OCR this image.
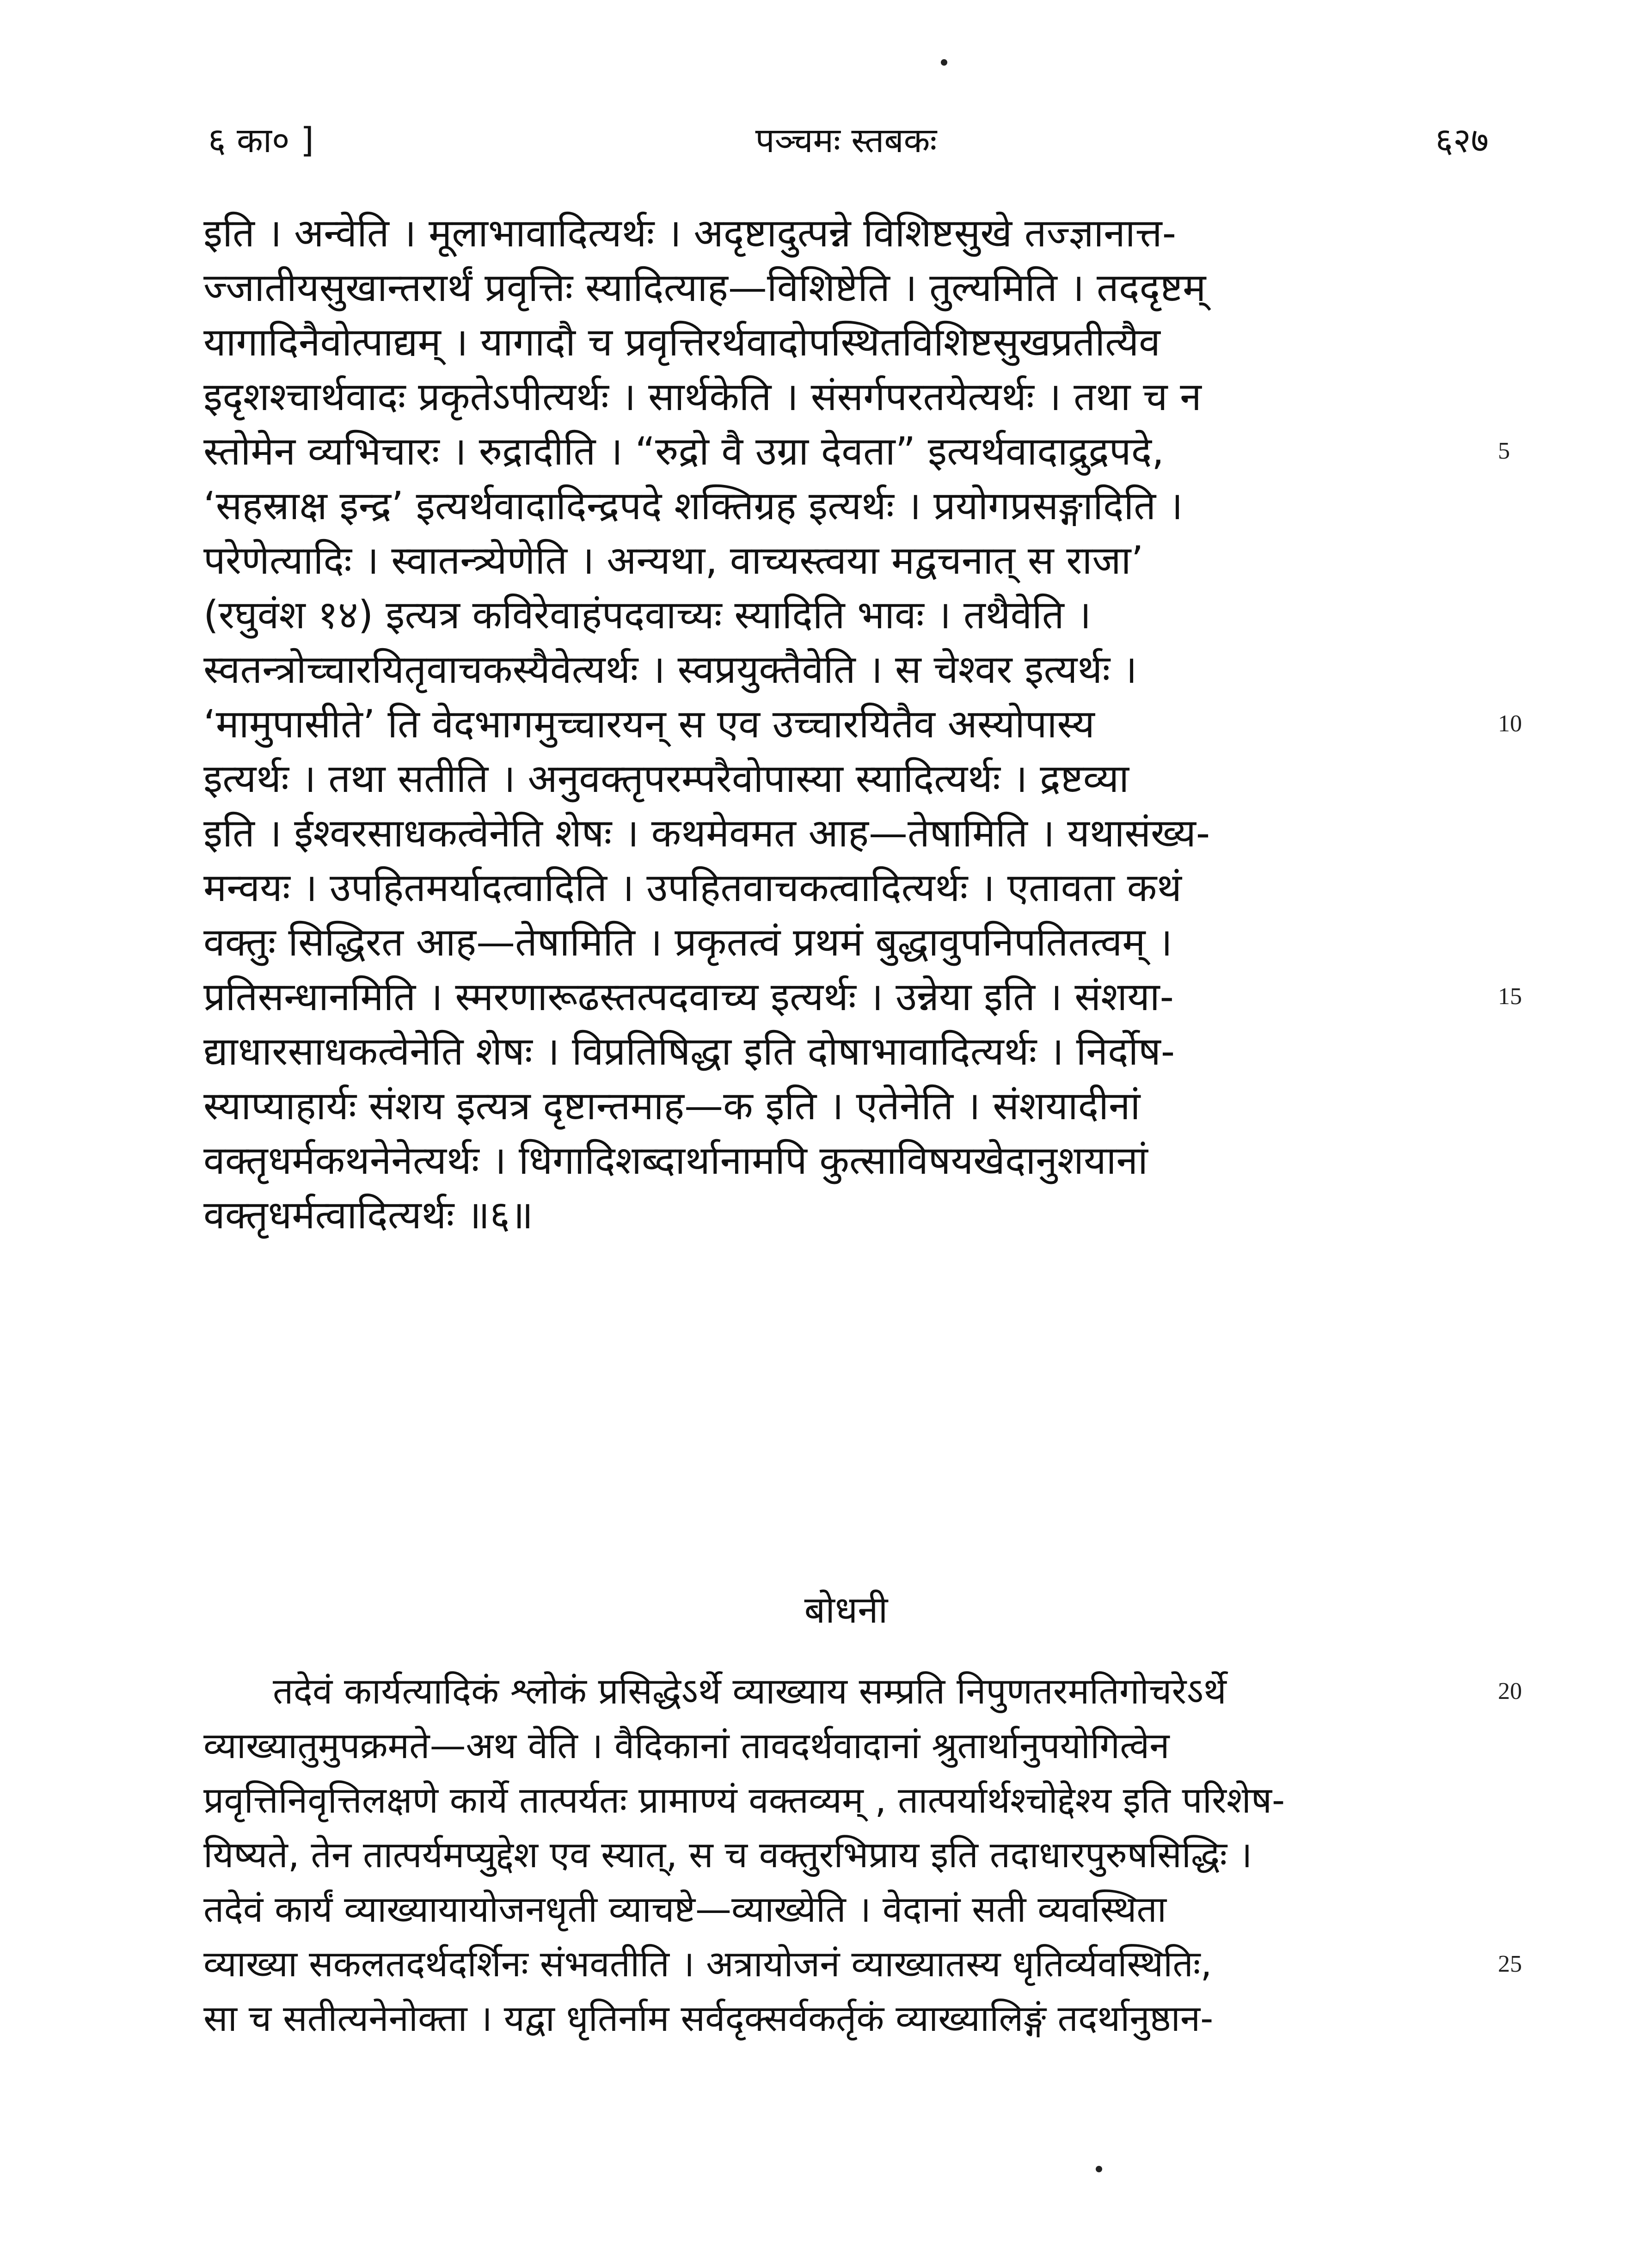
६ का० ]	पञ्चमः स्तबकः	६२७
इति । अन्वेति । मूलाभावादित्यर्थः । अदृष्टादुत्पन्ने विशिष्टसुखे तज्ज्ञानात्त-
ज्जातीयसुखान्तरार्थं प्रवृत्तिः स्यादित्याह—विशिष्टेति । तुल्यमिति । तददृष्टम्
यागादिनैवोत्पाद्यम् । यागादौ च प्रवृत्तिरर्थवादोपस्थितविशिष्टसुखप्रतीत्यैव
इदृशश्चार्थवादः प्रकृतेऽपीत्यर्थः । सार्थकेति । संसर्गपरतयेत्यर्थः । तथा च न
स्तोमेन व्यभिचारः । रुद्रादीति । “रुद्रो वै उग्रा देवता” इत्यर्थवादाद्रुद्रपदे,	5
‘सहस्राक्ष इन्द्र’ इत्यर्थवादादिन्द्रपदे शक्तिग्रह इत्यर्थः । प्रयोगप्रसङ्गादिति ।
परेणेत्यादिः । स्वातन्त्र्येणेति । अन्यथा, वाच्यस्त्वया मद्वचनात् स राजा’
(रघुवंश १४) इत्यत्र कविरेवाहंपदवाच्यः स्यादिति भावः । तथैवेति ।
स्वतन्त्रोच्चारयितृवाचकस्यैवेत्यर्थः । स्वप्रयुक्तैवेति । स चेश्वर इत्यर्थः ।
‘मामुपासीते’ ति वेदभागमुच्चारयन् स एव उच्चारयितैव अस्योपास्य	10
इत्यर्थः । तथा सतीति । अनुवक्तृपरम्परैवोपास्या स्यादित्यर्थः । द्रष्टव्या
इति । ईश्वरसाधकत्वेनेति शेषः । कथमेवमत आह—तेषामिति । यथासंख्य-
मन्वयः । उपहितमर्यादत्वादिति । उपहितवाचकत्वादित्यर्थः । एतावता कथं
वक्तुः सिद्धिरत आह—तेषामिति । प्रकृतत्वं प्रथमं बुद्धावुपनिपतितत्वम् ।
प्रतिसन्धानमिति । स्मरणारूढस्तत्पदवाच्य इत्यर्थः । उन्नेया इति । संशया-	15
द्याधारसाधकत्वेनेति शेषः । विप्रतिषिद्धा इति दोषाभावादित्यर्थः । निर्दोष-
स्याप्याहार्यः संशय इत्यत्र दृष्टान्तमाह—क इति । एतेनेति । संशयादीनां
वक्तृधर्मकथनेनेत्यर्थः । धिगादिशब्दार्थानामपि कुत्साविषयखेदानुशयानां
वक्तृधर्मत्वादित्यर्थः ॥६॥
बोधनी
तदेवं कार्यत्यादिकं श्लोकं प्रसिद्धेऽर्थे व्याख्याय सम्प्रति निपुणतरमतिगोचरेऽर्थे	20
व्याख्यातुमुपक्रमते—अथ वेति । वैदिकानां तावदर्थवादानां श्रुतार्थानुपयोगित्वेन
प्रवृत्तिनिवृत्तिलक्षणे कार्ये तात्पर्यतः प्रामाण्यं वक्तव्यम् , तात्पर्यार्थश्चोद्देश्य इति परिशेष-
यिष्यते, तेन तात्पर्यमप्युद्देश एव स्यात्, स च वक्तुरभिप्राय इति तदाधारपुरुषसिद्धिः ।
तदेवं कार्यं व्याख्यायायोजनधृती व्याचष्टे—व्याख्येति । वेदानां सती व्यवस्थिता
व्याख्या सकलतदर्थदर्शिनः संभवतीति । अत्रायोजनं व्याख्यातस्य धृतिर्व्यवस्थितिः,	25
सा च सतीत्यनेनोक्ता । यद्वा धृतिर्नाम सर्वदृक्सर्वकर्तृकं व्याख्यालिङ्गं तदर्थानुष्ठान-
